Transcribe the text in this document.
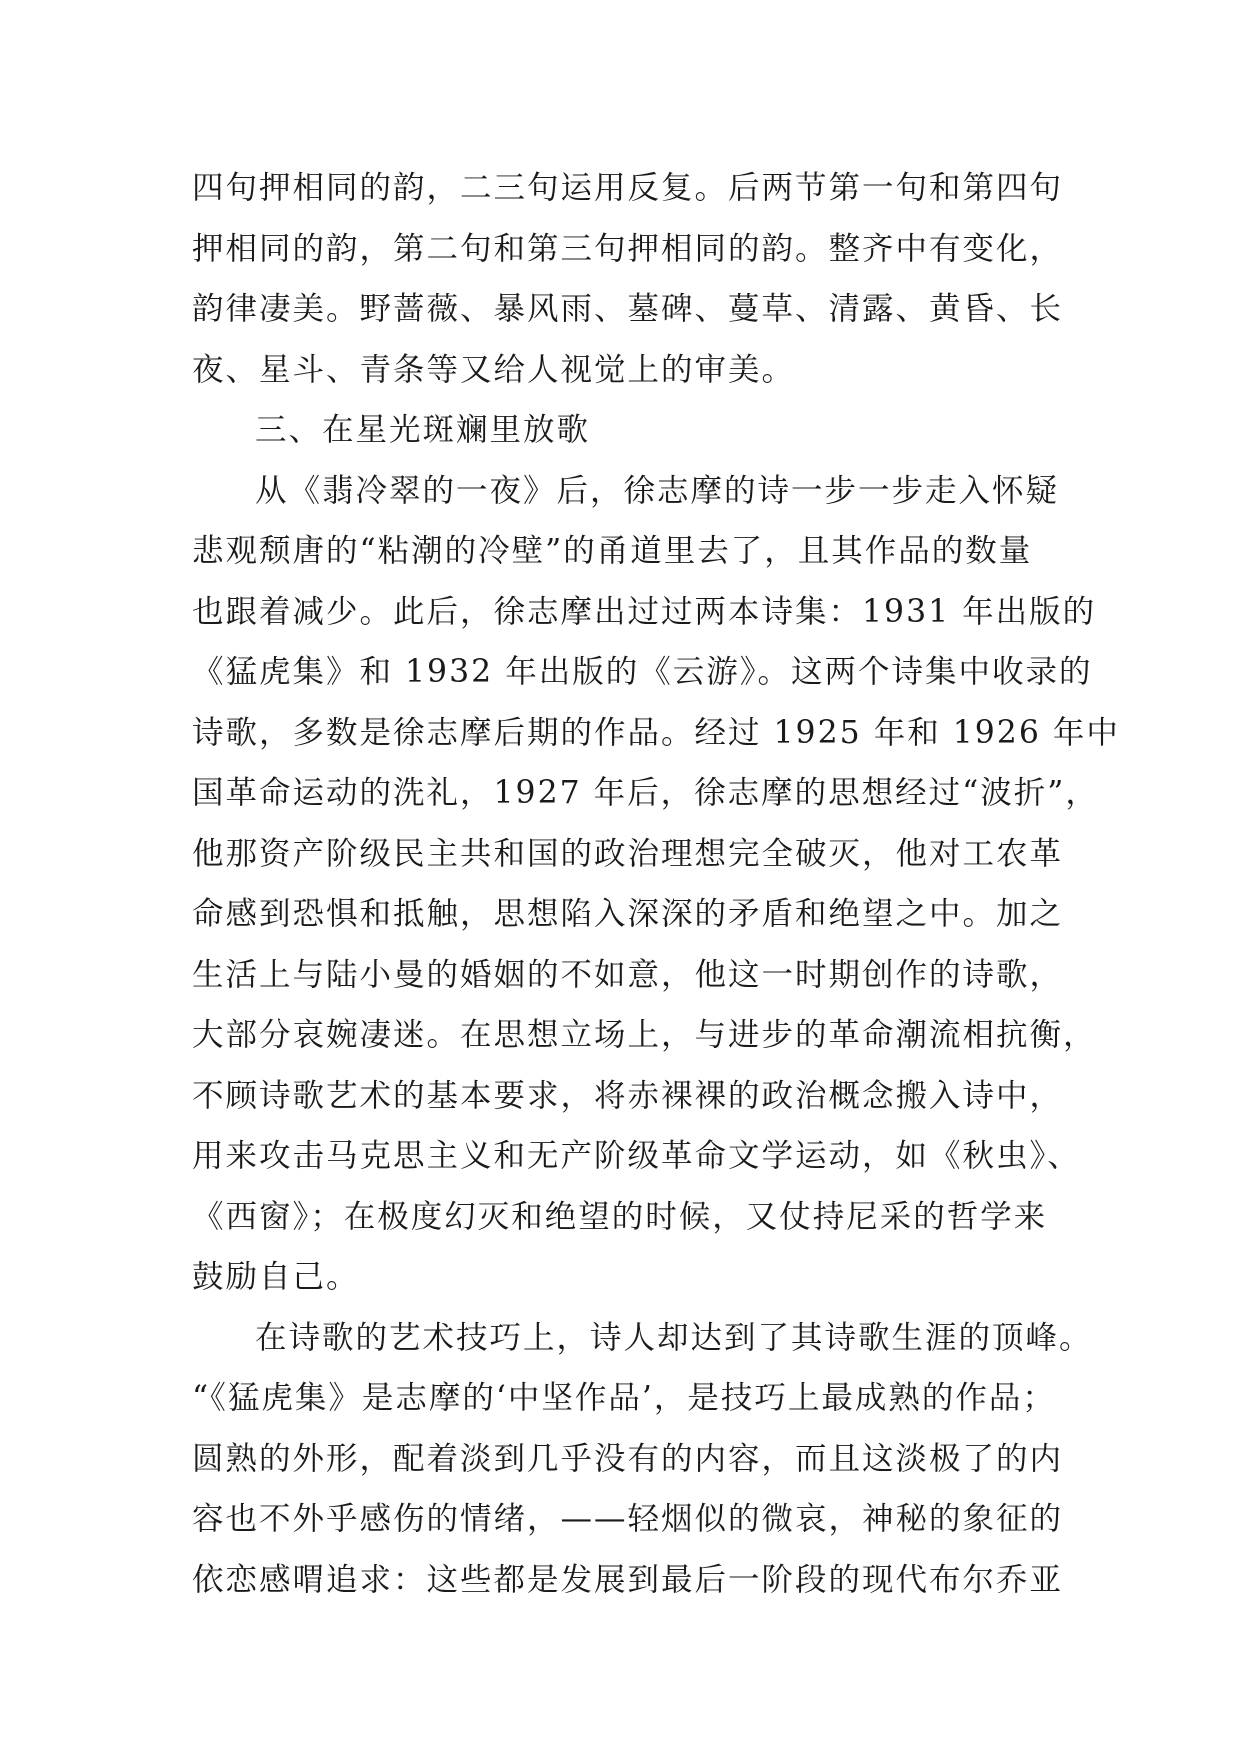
四句押相同的韵，二三句运用反复。后两节第一句和第四句
押相同的韵，第二句和第三句押相同的韵。整齐中有变化，
韵律凄美。野蔷薇、暴风雨、墓碑、蔓草、清露、黄昏、长
夜、星斗、青条等又给人视觉上的审美。
三、在星光斑斓里放歌
从《翡冷翠的一夜》后，徐志摩的诗一步一步走入怀疑
悲观颓唐的“粘潮的冷壁”的甬道里去了，且其作品的数量
也跟着减少。此后，徐志摩出过过两本诗集：1931 年出版的
《猛虎集》和 1932 年出版的《云游》。这两个诗集中收录的
诗歌，多数是徐志摩后期的作品。经过 1925 年和 1926 年中
国革命运动的洗礼，1927 年后，徐志摩的思想经过“波折”，
他那资产阶级民主共和国的政治理想完全破灭，他对工农革
命感到恐惧和抵触，思想陷入深深的矛盾和绝望之中。加之
生活上与陆小曼的婚姻的不如意，他这一时期创作的诗歌，
大部分哀婉凄迷。在思想立场上，与进步的革命潮流相抗衡，
不顾诗歌艺术的基本要求，将赤裸裸的政治概念搬入诗中，
用来攻击马克思主义和无产阶级革命文学运动，如《秋虫》、
《西窗》；在极度幻灭和绝望的时候，又仗持尼采的哲学来
鼓励自己。
在诗歌的艺术技巧上，诗人却达到了其诗歌生涯的顶峰。
“《猛虎集》是志摩的‘中坚作品’，是技巧上最成熟的作品；
圆熟的外形，配着淡到几乎没有的内容，而且这淡极了的内
容也不外乎感伤的情绪，——轻烟似的微哀，神秘的象征的
依恋感喟追求：这些都是发展到最后一阶段的现代布尔乔亚
